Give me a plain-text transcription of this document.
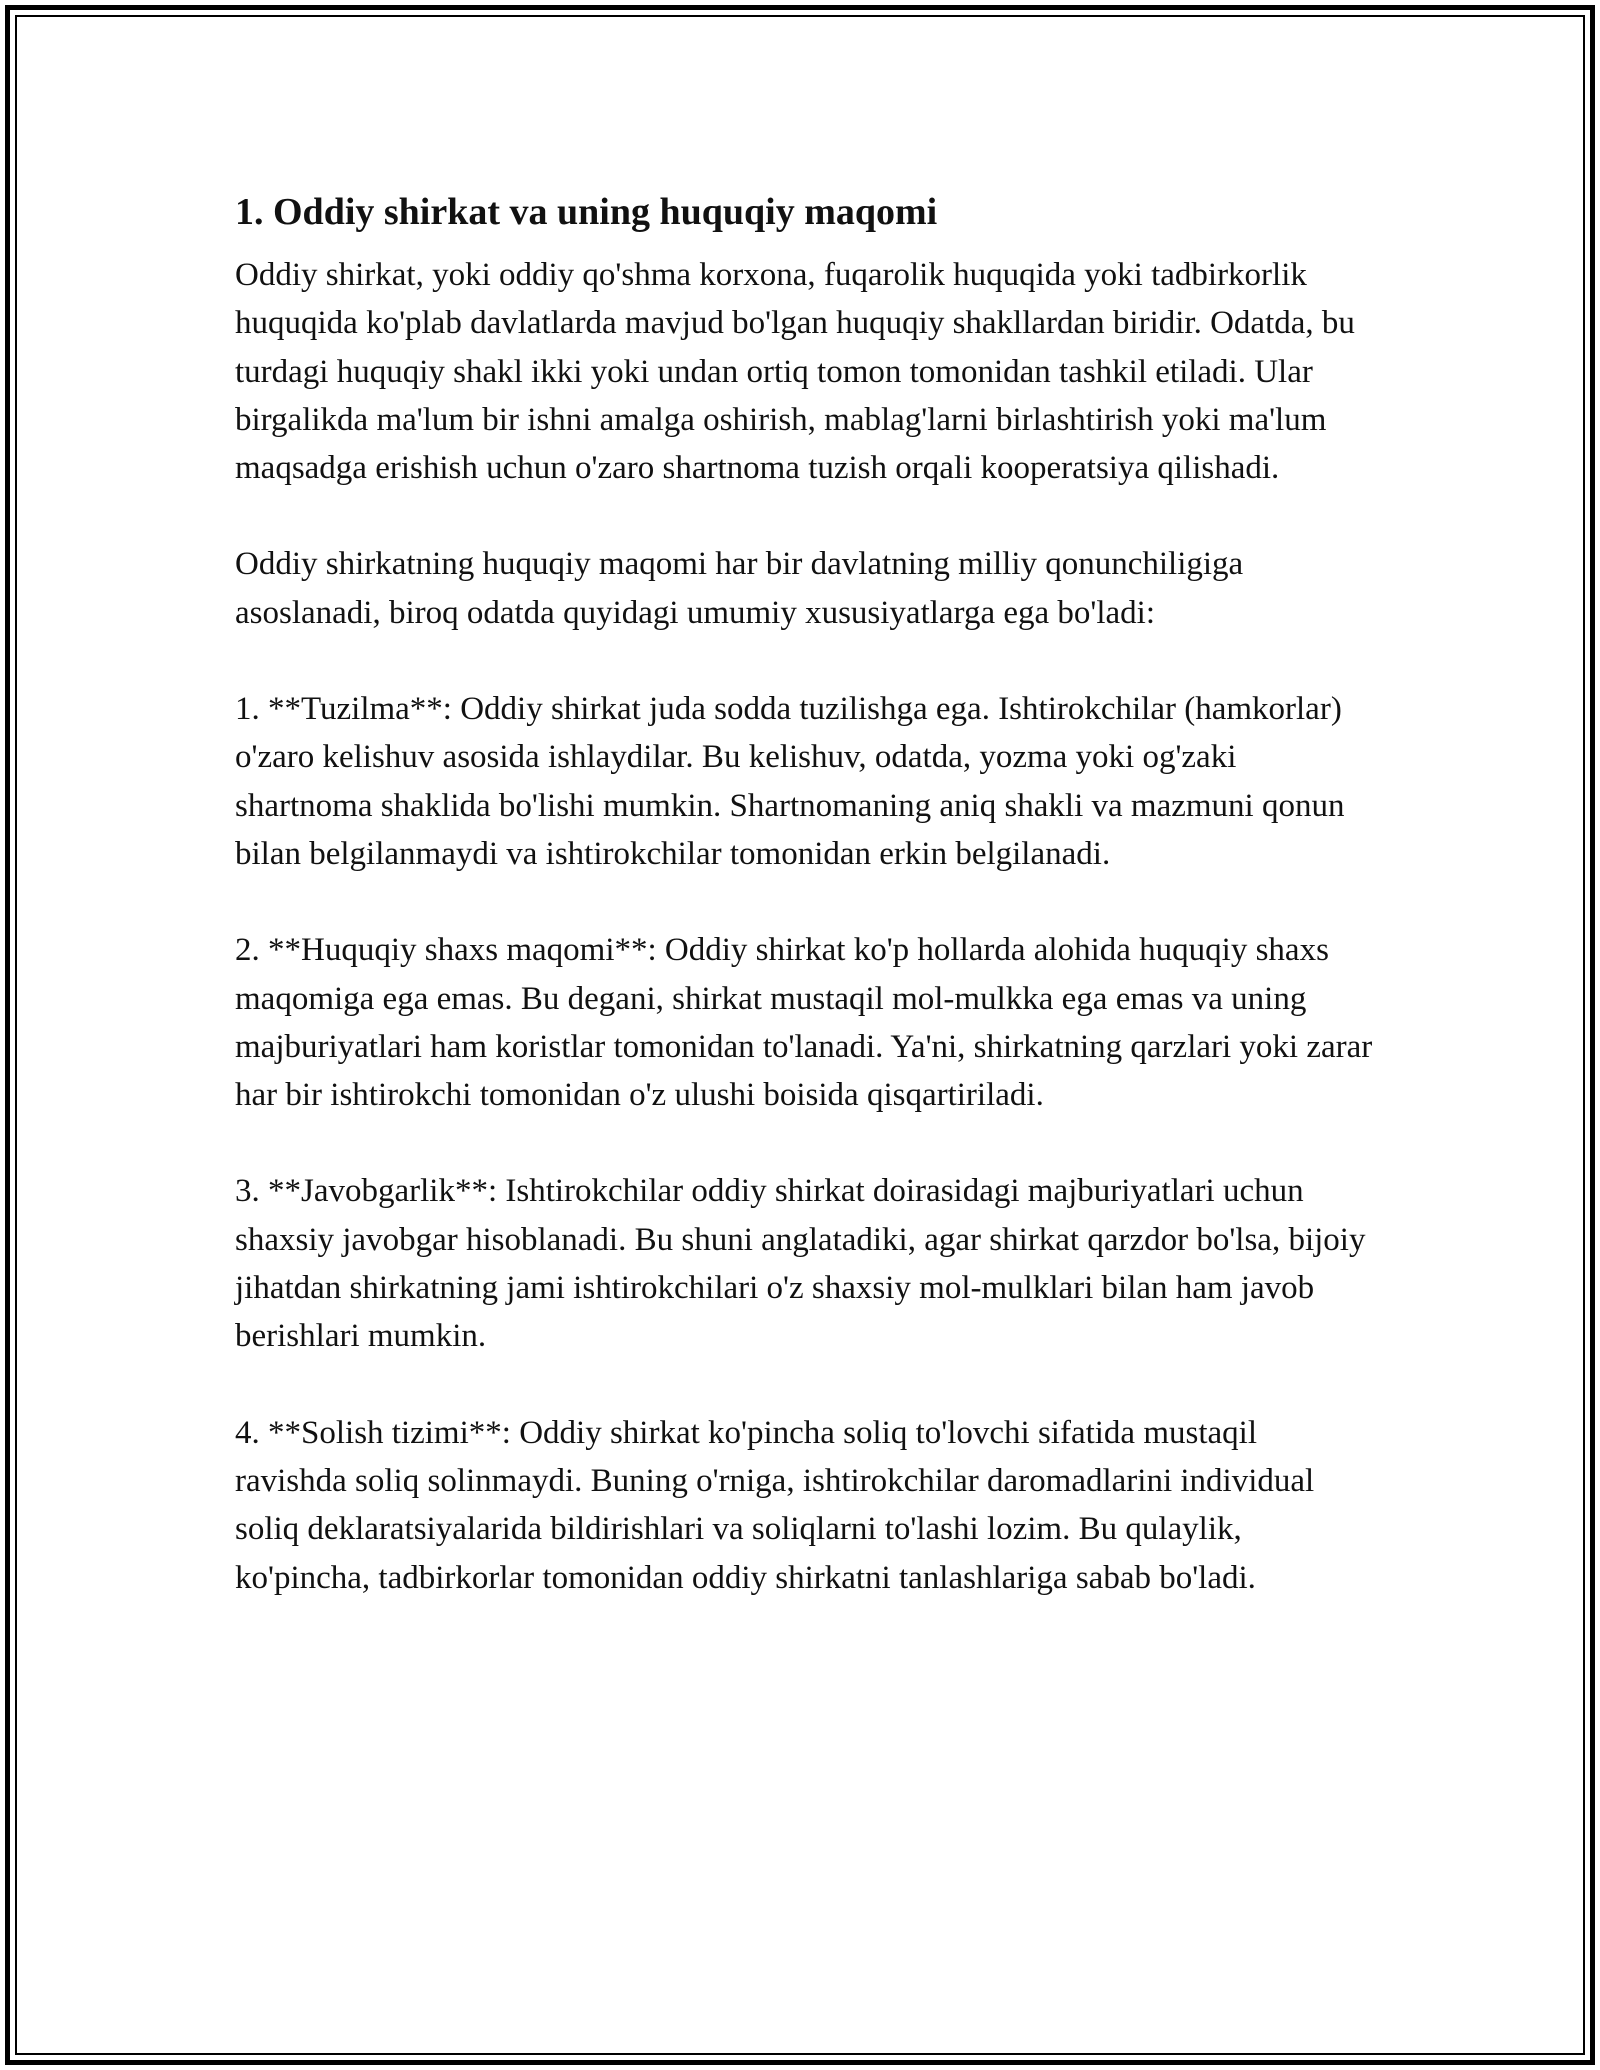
1. Oddiy shirkat va uning huquqiy maqomi

Oddiy shirkat, yoki oddiy qo'shma korxona, fuqarolik huquqida yoki tadbirkorlik huquqida ko'plab davlatlarda mavjud bo'lgan huquqiy shakllardan biridir. Odatda, bu turdagi huquqiy shakl ikki yoki undan ortiq tomon tomonidan tashkil etiladi. Ular birgalikda ma'lum bir ishni amalga oshirish, mablag'larni birlashtirish yoki ma'lum maqsadga erishish uchun o'zaro shartnoma tuzish orqali kooperatsiya qilishadi.

Oddiy shirkatning huquqiy maqomi har bir davlatning milliy qonunchiligiga asoslanadi, biroq odatda quyidagi umumiy xususiyatlarga ega bo'ladi:

1. **Tuzilma**: Oddiy shirkat juda sodda tuzilishga ega. Ishtirokchilar (hamkorlar) o'zaro kelishuv asosida ishlaydilar. Bu kelishuv, odatda, yozma yoki og'zaki shartnoma shaklida bo'lishi mumkin. Shartnomaning aniq shakli va mazmuni qonun bilan belgilanmaydi va ishtirokchilar tomonidan erkin belgilanadi.

2. **Huquqiy shaxs maqomi**: Oddiy shirkat ko'p hollarda alohida huquqiy shaxs maqomiga ega emas. Bu degani, shirkat mustaqil mol-mulkka ega emas va uning majburiyatlari ham koristlar tomonidan to'lanadi. Ya'ni, shirkatning qarzlari yoki zarar har bir ishtirokchi tomonidan o'z ulushi boisida qisqartiriladi.

3. **Javobgarlik**: Ishtirokchilar oddiy shirkat doirasidagi majburiyatlari uchun shaxsiy javobgar hisoblanadi. Bu shuni anglatadiki, agar shirkat qarzdor bo'lsa, bijoiy jihatdan shirkatning jami ishtirokchilari o'z shaxsiy mol-mulklari bilan ham javob berishlari mumkin.

4. **Solish tizimi**: Oddiy shirkat ko'pincha soliq to'lovchi sifatida mustaqil ravishda soliq solinmaydi. Buning o'rniga, ishtirokchilar daromadlarini individual soliq deklaratsiyalarida bildirishlari va soliqlarni to'lashi lozim. Bu qulaylik, ko'pincha, tadbirkorlar tomonidan oddiy shirkatni tanlashlariga sabab bo'ladi.
